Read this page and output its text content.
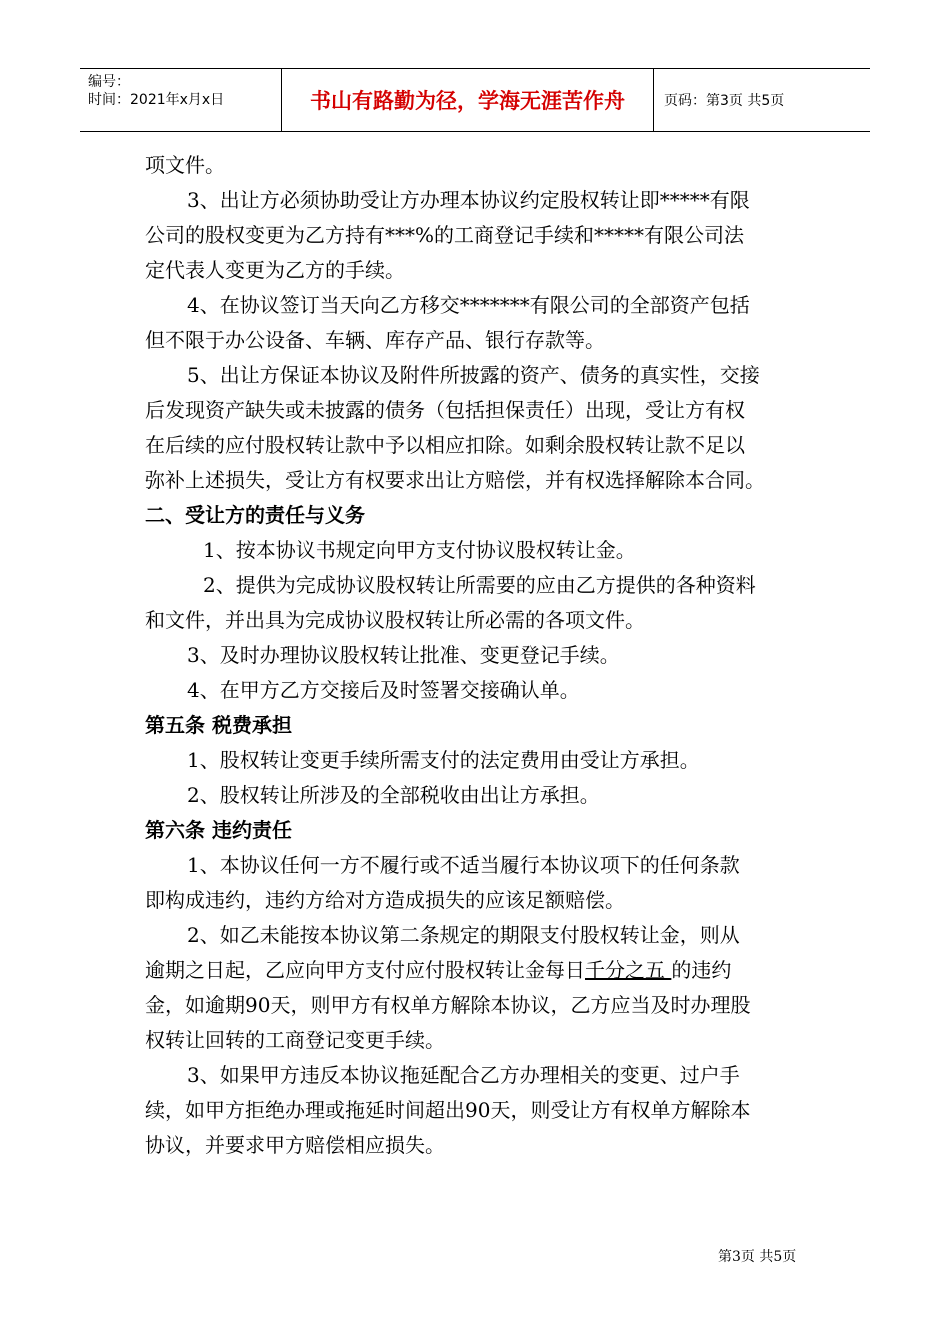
编号：
时间：2021年x月x日	书山有路勤为径，学海无涯苦作舟	页码：第3页 共5页
项文件。
3、出让方必须协助受让方办理本协议约定股权转让即*****有限
公司的股权变更为乙方持有***%的工商登记手续和*****有限公司法
定代表人变更为乙方的手续。
4、在协议签订当天向乙方移交*******有限公司的全部资产包括
但不限于办公设备、车辆、库存产品、银行存款等。
5、出让方保证本协议及附件所披露的资产、债务的真实性，交接
后发现资产缺失或未披露的债务（包括担保责任）出现，受让方有权
在后续的应付股权转让款中予以相应扣除。如剩余股权转让款不足以
弥补上述损失，受让方有权要求出让方赔偿，并有权选择解除本合同。
二、受让方的责任与义务
1、按本协议书规定向甲方支付协议股权转让金。
2、提供为完成协议股权转让所需要的应由乙方提供的各种资料
和文件，并出具为完成协议股权转让所必需的各项文件。
3、及时办理协议股权转让批准、变更登记手续。
4、在甲方乙方交接后及时签署交接确认单。
第五条 税费承担
1、股权转让变更手续所需支付的法定费用由受让方承担。
2、股权转让所涉及的全部税收由出让方承担。
第六条 违约责任
1、本协议任何一方不履行或不适当履行本协议项下的任何条款
即构成违约，违约方给对方造成损失的应该足额赔偿。
2、如乙未能按本协议第二条规定的期限支付股权转让金，则从
逾期之日起，乙应向甲方支付应付股权转让金每日千分之五 的违约
金，如逾期90天，则甲方有权单方解除本协议，乙方应当及时办理股
权转让回转的工商登记变更手续。
3、如果甲方违反本协议拖延配合乙方办理相关的变更、过户手
续，如甲方拒绝办理或拖延时间超出90天，则受让方有权单方解除本
协议，并要求甲方赔偿相应损失。
第3页 共5页
